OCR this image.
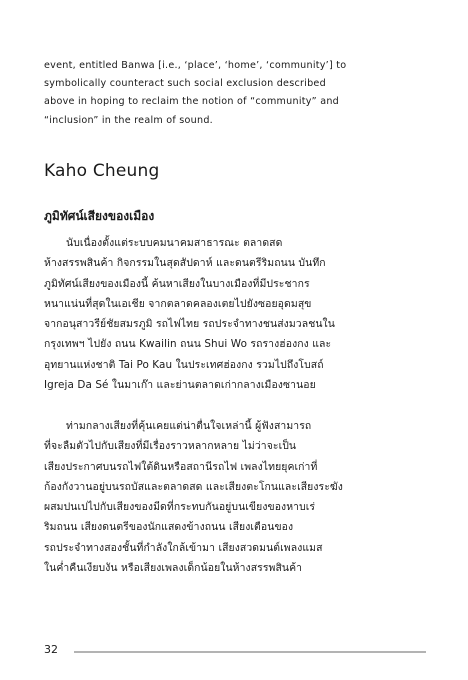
event, entitled Banwa [i.e., ‘place’, ‘home’, ‘community’] to

symbolically counteract such social exclusion described

above in hoping to reclaim the notion of “community” and

“inclusion” in the realm of sound.

Kaho Cheung
ภูมิทัศน์เสียงของเมือง

นับเนื่องตั้งแต่ระบบคมนาคมสาธารณะ ตลาดสด

ห้างสรรพสินค้า กิจกรรมในสุดสัปดาห์ และดนตรีริมถนน บันทึก

ภูมิทัศน์เสียงของเมืองนี้ ค้นหาเสียงในบางเมืองที่มีประชากร

หนาแน่นที่สุดในเอเชีย จากตลาดคลองเตยไปยังซอยอุดมสุข

จากอนุสาวรีย์ชัยสมรภูมิ รถไฟไทย รถประจำทางชนส่งมวลชนใน

กรุงเทพฯ ไปยัง ถนน Kwailin ถนน Shui Wo รถรางฮ่องกง และ

อุทยานแห่งชาติ Tai Po Kau ในประเทศฮ่องกง รวมไปถึงโบสถ์

Igreja Da Sé ในมาเก๊า และย่านตลาดเก่ากลางเมืองซานอย

ท่ามกลางเสียงที่คุ้นเคยแต่น่าตื่นใจเหล่านี้ ผู้ฟังสามารถ

ที่จะลืมตัวไปกับเสียงที่มีเรื่องราวหลากหลาย ไม่ว่าจะเป็น

เสียงประกาศบนรถไฟใต้ดินหรือสถานีรถไฟ เพลงไทยยุคเก่าที่

ก้องกังวานอยู่บนรถบัสและตลาดสด และเสียงตะโกนและเสียงระฆัง

ผสมปนเปไปกับเสียงของมีดที่กระทบกันอยู่บนเขียงของหาบเร่

ริมถนน เสียงดนตรีของนักแสดงข้างถนน เสียงเตือนของ

รถประจำทางสองชั้นที่กำลังใกล้เข้ามา เสียงสวดมนต์เพลงแมส

ในค่ำคืนเงียบงัน หรือเสียงเพลงเด็กน้อยในห้างสรรพสินค้า

32
